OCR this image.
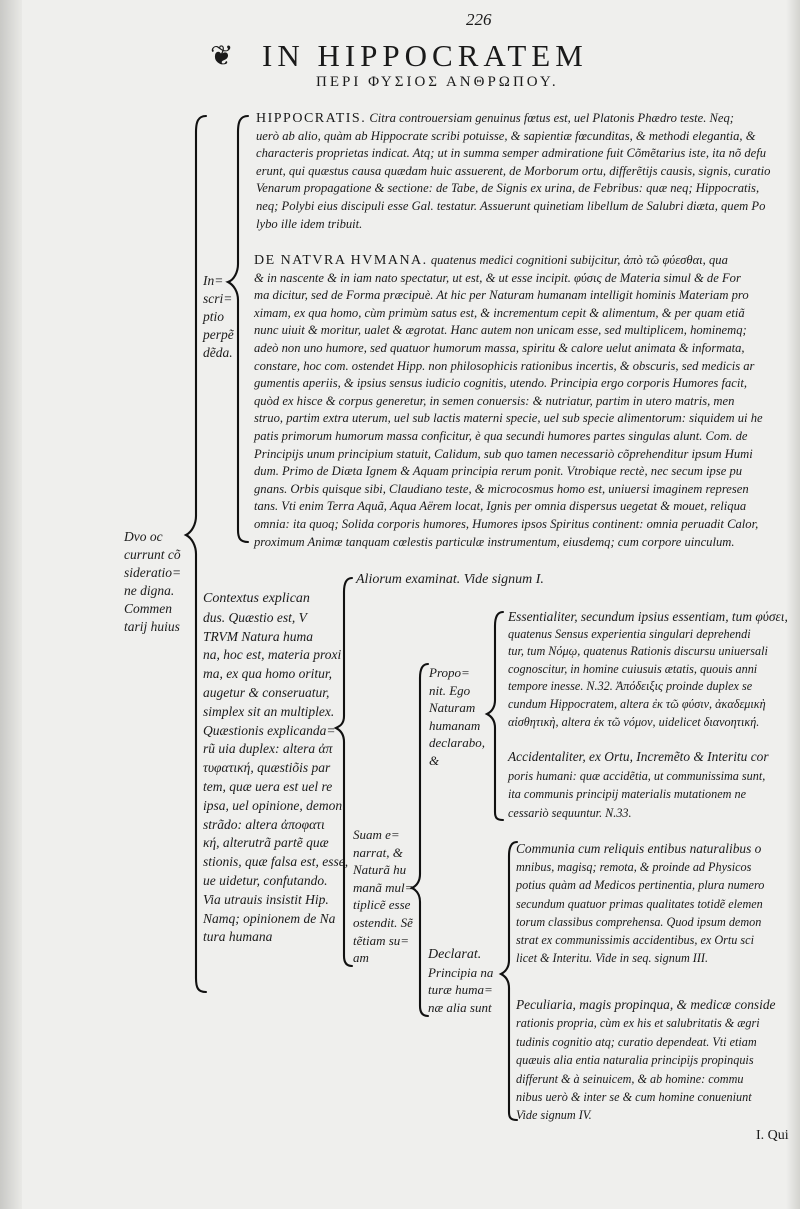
226
❦ IN HIPPOCRATEM
ΠΕΡΙ ΦΥΣΙΟΣ ΑΝΘΡΩΠΟΥ.
HIPPOCRATIS. Citra controuersiam genuinus fœtus est, uel Platonis Phædro teste. Neq;
uerò ab alio, quàm ab Hippocrate scribi potuisse, & sapientiæ fœcunditas, & methodi elegantia, &
characteris proprietas indicat. Atq; ut in summa semper admiratione fuit Cõmẽtarius iste, ita nõ defu
erunt, qui quæstus causa quædam huic assuerent, de Morborum ortu, differẽtijs causis, signis, curatio
Venarum propagatione & sectione: de Tabe, de Signis ex urina, de Febribus: quæ neq; Hippocratis,
neq; Polybi eius discipuli esse Gal. testatur. Assuerunt quinetiam libellum de Salubri diæta, quem Po
lybo ille idem tribuit.
In=
scri=
ptio
perpẽ
dẽda.
DE NATVRA HVMANA. quatenus medici cognitioni subijcitur, ἀπὸ τῶ φύεσθαι, qua
& in nascente & in iam nato spectatur, ut est, & ut esse incipit. φύσις de Materia simul & de For
ma dicitur, sed de Forma præcipuè. At hic per Naturam humanam intelligit hominis Materiam pro
ximam, ex qua homo, cùm primùm satus est, & incrementum cepit & alimentum, & per quam etiã
nunc uiuit & moritur, ualet & ægrotat. Hanc autem non unicam esse, sed multiplicem, hominemq;
adeò non uno humore, sed quatuor humorum massa, spiritu & calore uelut animata & informata,
constare, hoc com. ostendet Hipp. non philosophicis rationibus incertis, & obscuris, sed medicis ar
gumentis aperiis, & ipsius sensus iudicio cognitis, utendo. Principia ergo corporis Humores facit,
quòd ex hisce & corpus generetur, in semen conuersis: & nutriatur, partim in utero matris, men
struo, partim extra uterum, uel sub lactis materni specie, uel sub specie alimentorum: siquidem ui he
patis primorum humorum massa conficitur, è qua secundi humores partes singulas alunt. Com. de
Principijs unum principium statuit, Calidum, sub quo tamen necessariò cõprehenditur ipsum Humi
dum. Primo de Diæta Ignem & Aquam principia rerum ponit. Vtrobique rectè, nec secum ipse pu
gnans. Orbis quisque sibi, Claudiano teste, & microcosmus homo est, uniuersi imaginem represen
tans. Vti enim Terra Aquã, Aqua Aërem locat, Ignis per omnia dispersus uegetat & mouet, reliqua
omnia: ita quoq; Solida corporis humores, Humores ipsos Spiritus continent: omnia peruadit Calor,
proximum Animæ tanquam cœlestis particulæ instrumentum, eiusdemq; cum corpore uinculum.
Dvo oc
currunt cõ
sideratio=
ne digna.
Commen
tarij huius
Contextus explican
dus. Quæstio est, V
TRVM Natura huma
na, hoc est, materia proxi
ma, ex qua homo oritur,
augetur & conseruatur,
simplex sit an multiplex.
Quæstionis explicanda=
rũ uia duplex: altera ἀπ
τυφατική, quæstiõis par
tem, quæ uera est uel re
ipsa, uel opinione, demon
strãdo: altera ἀποφατι
κή, alterutrã partẽ quæ
stionis, quæ falsa est, esse,
ue uidetur, confutando.
Via utrauis insistit Hip.
Namq; opinionem de Na
tura humana
Aliorum examinat. Vide signum I.
Suam e=
narrat, &
Naturã hu
manã mul=
tiplicẽ esse
ostendit. Sẽ
tẽtiam su=
am
Propo=
nit. Ego
Naturam
humanam
declarabo,
&
Essentialiter, secundum ipsius essentiam, tum φύσει,
quatenus Sensus experientia singulari deprehendi
tur, tum Νόμῳ, quatenus Rationis discursu uniuersali
cognoscitur, in homine cuiusuis ætatis, quouis anni
tempore inesse. N.32. Ἀπόδειξις proinde duplex se
cundum Hippocratem, altera ἐκ τῶ φύσιν, ἀκαδεμικὴ
αἰσθητικὴ, altera ἐκ τῶ νόμον, uidelicet διανοητική.
Accidentaliter, ex Ortu, Incremẽto & Interitu cor
poris humani: quæ accidẽtia, ut communissima sunt,
ita communis principij materialis mutationem ne
cessariò sequuntur. N.33.
Declarat.
Principia na
turæ huma=
næ alia sunt
Communia cum reliquis entibus naturalibus o
mnibus, magisq; remota, & proinde ad Physicos
potius quàm ad Medicos pertinentia, plura numero
secundum quatuor primas qualitates totidẽ elemen
torum classibus comprehensa. Quod ipsum demon
strat ex communissimis accidentibus, ex Ortu sci
licet & Interitu. Vide in seq. signum III.
Peculiaria, magis propinqua, & medicæ conside
rationis propria, cùm ex his et salubritatis & ægri
tudinis cognitio atq; curatio dependeat. Vti etiam
quæuis alia entia naturalia principijs propinquis
differunt & à seinuicem, & ab homine: commu
nibus uerò & inter se & cum homine conueniunt
Vide signum IV.
I. Qui
